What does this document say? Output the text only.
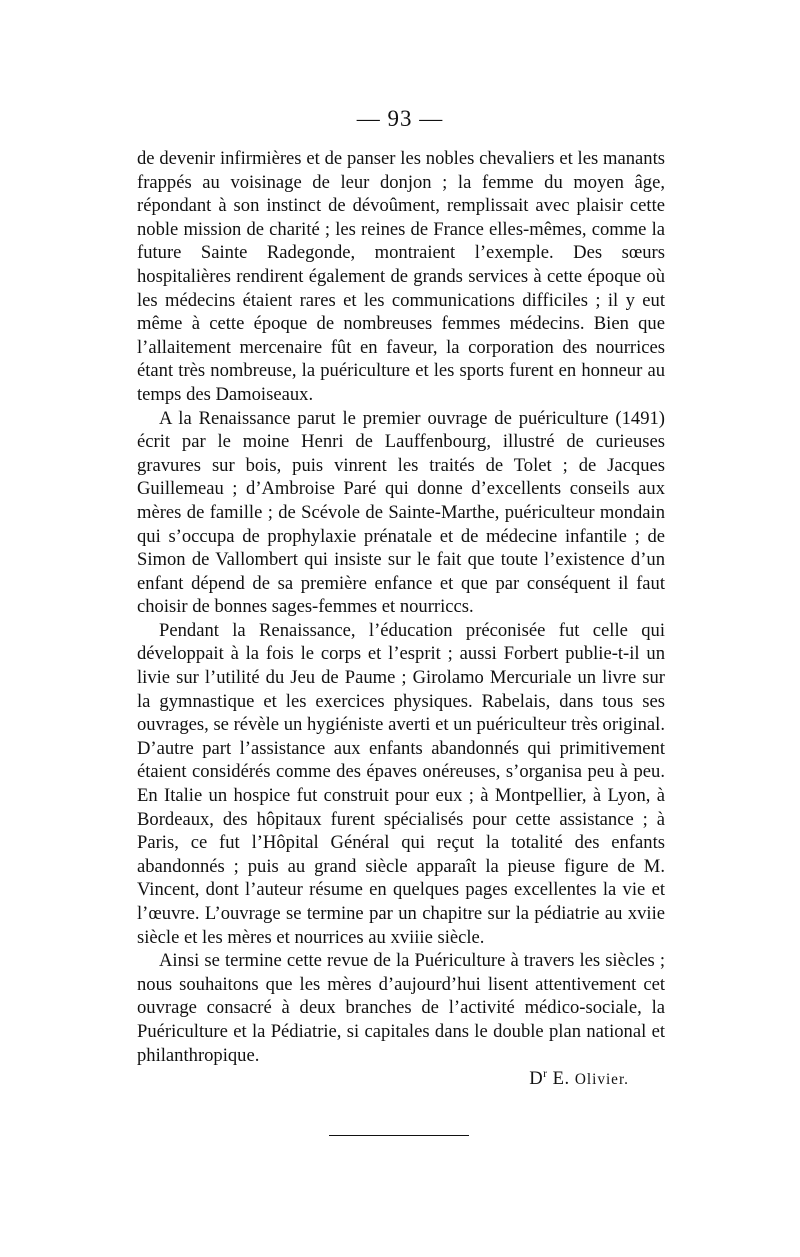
— 93 —

de devenir infirmières et de panser les nobles chevaliers et les manants frappés au voisinage de leur donjon ; la femme du moyen âge, répondant à son instinct de dévoûment, remplissait avec plaisir cette noble mission de charité ; les reines de France elles-mêmes, comme la future Sainte Radegonde, montraient l’exemple. Des sœurs hospitalières rendirent également de grands services à cette époque où les médecins étaient rares et les communications difficiles ; il y eut même à cette époque de nombreuses femmes médecins. Bien que l’allaitement mercenaire fût en faveur, la corporation des nourrices étant très nombreuse, la puériculture et les sports furent en honneur au temps des Damoiseaux.

A la Renaissance parut le premier ouvrage de puériculture (1491) écrit par le moine Henri de Lauffenbourg, illustré de curieuses gravures sur bois, puis vinrent les traités de Tolet ; de Jacques Guillemeau ; d’Ambroise Paré qui donne d’excellents conseils aux mères de famille ; de Scévole de Sainte-Marthe, puériculteur mondain qui s’occupa de prophylaxie prénatale et de médecine infantile ; de Simon de Vallombert qui insiste sur le fait que toute l’existence d’un enfant dépend de sa première enfance et que par conséquent il faut choisir de bonnes sages-femmes et nourriccs.

Pendant la Renaissance, l’éducation préconisée fut celle qui développait à la fois le corps et l’esprit ; aussi Forbert publie-t-il un livie sur l’utilité du Jeu de Paume ; Girolamo Mercuriale un livre sur la gymnastique et les exercices physiques. Rabelais, dans tous ses ouvrages, se révèle un hygiéniste averti et un puériculteur très original. D’autre part l’assistance aux enfants abandonnés qui primitivement étaient considérés comme des épaves onéreuses, s’organisa peu à peu. En Italie un hospice fut construit pour eux ; à Montpellier, à Lyon, à Bordeaux, des hôpitaux furent spécialisés pour cette assistance ; à Paris, ce fut l’Hôpital Général qui reçut la totalité des enfants abandonnés ; puis au grand siècle apparaît la pieuse figure de M. Vincent, dont l’auteur résume en quelques pages excellentes la vie et l’œuvre. L’ouvrage se termine par un chapitre sur la pédiatrie au xviie siècle et les mères et nourrices au xviiie siècle.

Ainsi se termine cette revue de la Puériculture à travers les siècles ; nous souhaitons que les mères d’aujourd’hui lisent attentivement cet ouvrage consacré à deux branches de l’activité médico-sociale, la Puériculture et la Pédiatrie, si capitales dans le double plan national et philanthropique.

$D^r$ E. Olivier.
